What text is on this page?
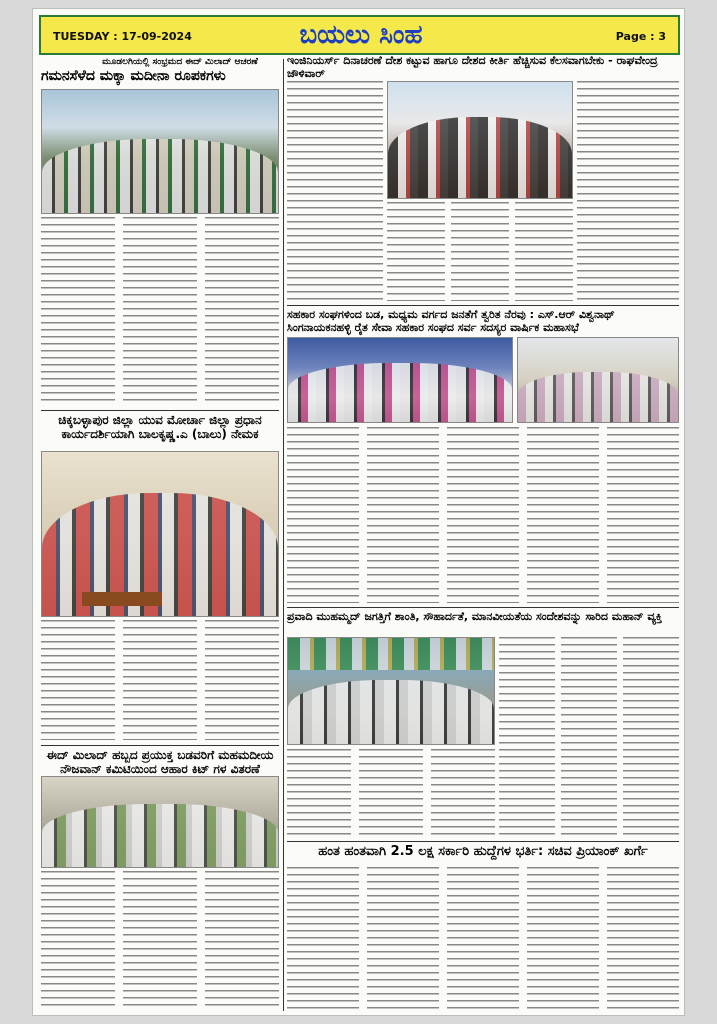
TUESDAY : 17-09-2024	ಬಯಲು ಸಿಂಹ	Page : 3
ಮೂಡಲಗಿಯಲ್ಲಿ ಸಂಭ್ರಮದ ಈದ್ ಮಿಲಾದ್ ಆಚರಣೆ
ಗಮನಸೆಳೆದ ಮಕ್ಕಾ ಮದೀನಾ ರೂಪಕಗಳು
ಚಿಕ್ಕಬಳ್ಳಾಪುರ ಜಿಲ್ಲಾ ಯುವ ಮೋರ್ಚಾ ಜಿಲ್ಲಾ ಪ್ರಧಾನ ಕಾರ್ಯದರ್ಶಿಯಾಗಿ ಬಾಲಕೃಷ್ಣ.ಎ (ಬಾಲು) ನೇಮಕ
ಈದ್ ಮಿಲಾದ್ ಹಬ್ಬದ ಪ್ರಯುಕ್ತ ಬಡವರಿಗೆ ಮಹಮದೀಯ ನೌಜವಾನ್ ಕಮಿಟಿಯಿಂದ ಆಹಾರ ಕಿಟ್ ಗಳ ವಿತರಣೆ
ಇಂಜಿನಿಯರ್ಸ್ ದಿನಾಚರಣೆ ದೇಶ ಕಟ್ಟುವ ಹಾಗೂ ದೇಶದ ಕೀರ್ತಿ ಹೆಚ್ಚಿಸುವ ಕೆಲಸವಾಗಬೇಕು - ರಾಘವೇಂದ್ರ ಜೌಳಿವಾರ್
ಸಹಕಾರ ಸಂಘಗಳಿಂದ ಬಡ, ಮಧ್ಯಮ ವರ್ಗದ ಜನತೆಗೆ ತ್ವರಿತ ನೆರವು : ಎಸ್.ಆರ್ ವಿಶ್ವನಾಥ್ ಸಿಂಗನಾಯಕನಹಳ್ಳಿ ರೈತ ಸೇವಾ ಸಹಕಾರ ಸಂಘದ ಸರ್ವ ಸದಸ್ಯರ ವಾರ್ಷಿಕ ಮಹಾಸಭೆ
ಪ್ರವಾದಿ ಮುಹಮ್ಮದ್ ಜಗತ್ತಿಗೆ ಶಾಂತಿ, ಸೌಹಾರ್ದತೆ, ಮಾನವೀಯತೆಯ ಸಂದೇಶವನ್ನು ಸಾರಿದ ಮಹಾನ್ ವ್ಯಕ್ತಿ
ಹಂತ ಹಂತವಾಗಿ 2.5 ಲಕ್ಷ ಸರ್ಕಾರಿ ಹುದ್ದೆಗಳ ಭರ್ತಿ: ಸಚಿವ ಪ್ರಿಯಾಂಕ್ ಖರ್ಗೆ
